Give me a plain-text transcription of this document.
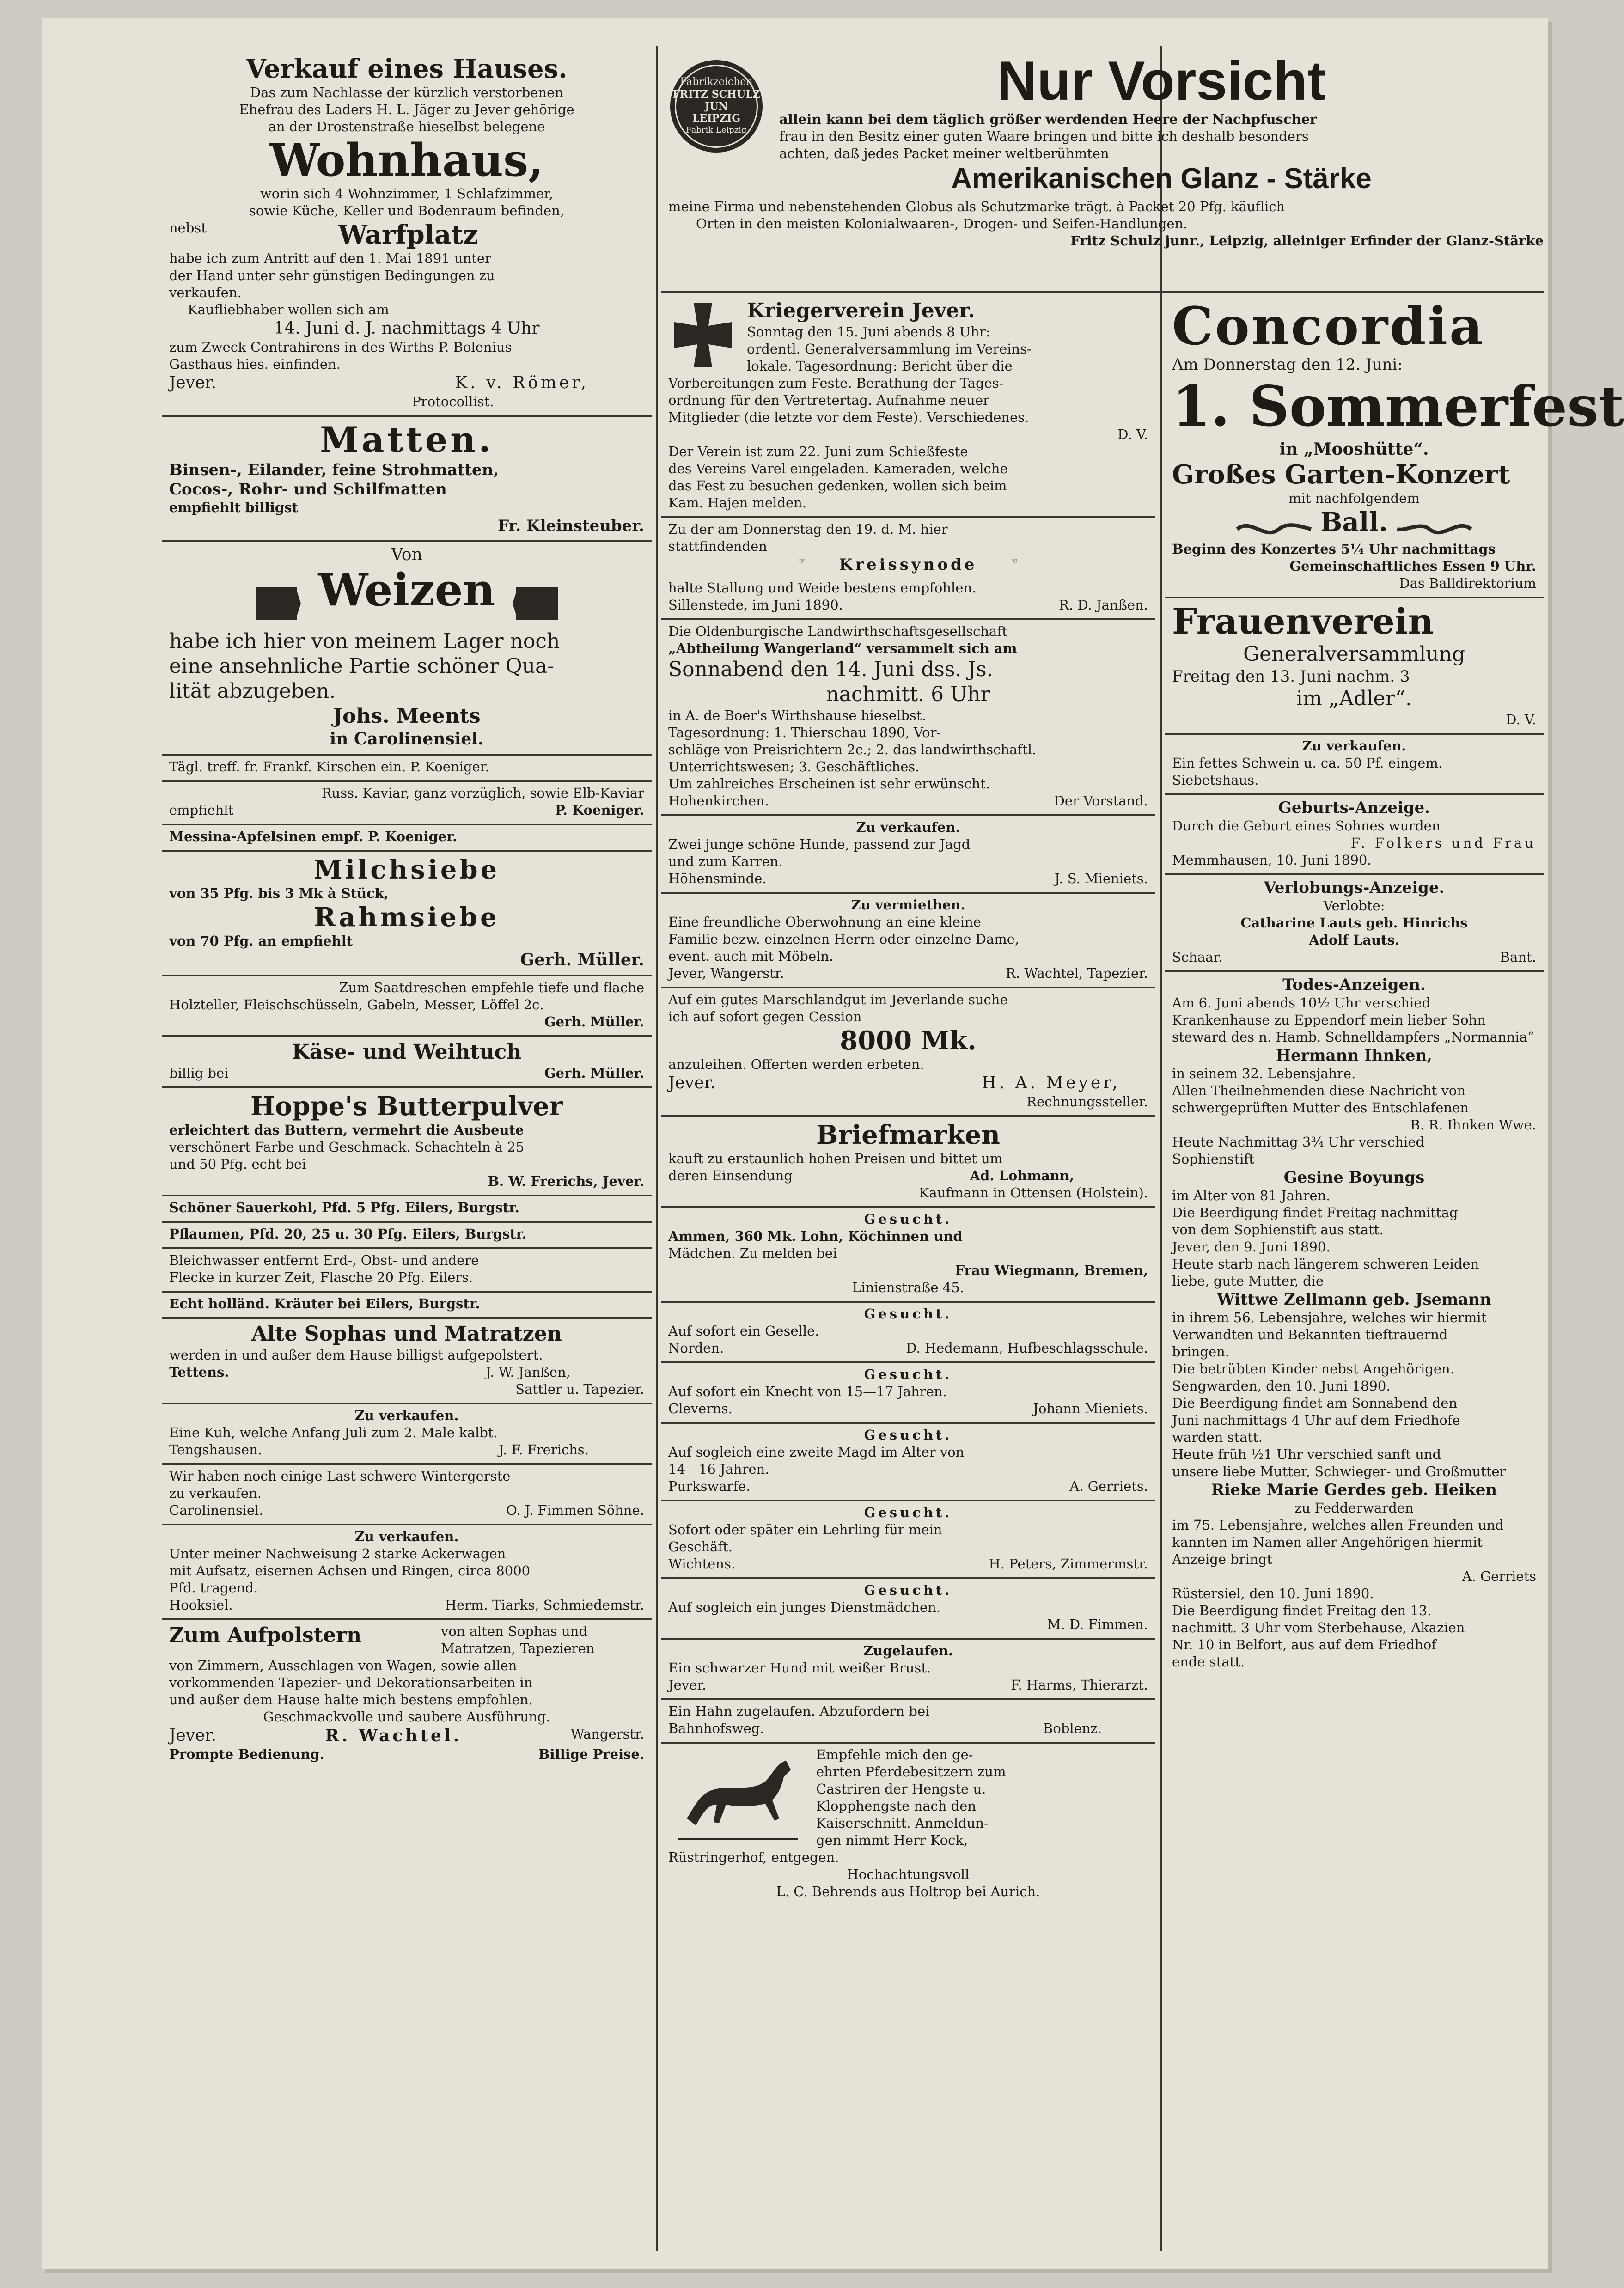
Verkauf eines Hauses.
Das zum Nachlasse der kürzlich verstorbenen
Ehefrau des Laders H. L. Jäger zu Jever gehörige
an der Drostenstraße hieselbst belegene
Wohnhaus,
worin sich 4 Wohnzimmer, 1 Schlafzimmer,
sowie Küche, Keller und Bodenraum befinden,
nebst	Warfplatz
habe ich zum Antritt auf den 1. Mai 1891 unter
der Hand unter sehr günstigen Bedingungen zu
verkaufen.
Kaufliebhaber wollen sich am
14. Juni d. J. nachmittags 4 Uhr
zum Zweck Contrahirens in des Wirths P. Bolenius
Gasthaus hies. einfinden.
Jever.	K. v. Römer,
Protocollist.
Matten.
Binsen-, Eilander, feine Strohmatten,
Cocos-, Rohr- und Schilfmatten
empfiehlt billigst
Fr. Kleinsteuber.
Von
Weizen
habe ich hier von meinem Lager noch
eine ansehnliche Partie schöner Qua-
lität abzugeben.
Johs. Meents
in Carolinensiel.
Tägl. treff. fr. Frankf. Kirschen ein. P. Koeniger.
Russ. Kaviar, ganz vorzüglich, sowie Elb-Kaviar
empfiehlt	P. Koeniger.
Messina-Apfelsinen empf. P. Koeniger.
Milchsiebe
von 35 Pfg. bis 3 Mk à Stück,
Rahmsiebe
von 70 Pfg. an empfiehlt
Gerh. Müller.
Zum Saatdreschen empfehle tiefe und flache
Holzteller, Fleischschüsseln, Gabeln, Messer, Löffel 2c.
Gerh. Müller.
Käse- und Weihtuch
billig bei	Gerh. Müller.
Hoppe's Butterpulver
erleichtert das Buttern, vermehrt die Ausbeute
verschönert Farbe und Geschmack. Schachteln à 25
und 50 Pfg. echt bei
B. W. Frerichs, Jever.
Schöner Sauerkohl, Pfd. 5 Pfg. Eilers, Burgstr.
Pflaumen, Pfd. 20, 25 u. 30 Pfg. Eilers, Burgstr.
Bleichwasser entfernt Erd-, Obst- und andere
Flecke in kurzer Zeit, Flasche 20 Pfg. Eilers.
Echt holländ. Kräuter bei Eilers, Burgstr.
Alte Sophas und Matratzen
werden in und außer dem Hause billigst aufgepolstert.
Tettens.	J. W. Janßen,
Sattler u. Tapezier.
Zu verkaufen.
Eine Kuh, welche Anfang Juli zum 2. Male kalbt.
Tengshausen.	J. F. Frerichs.
Wir haben noch einige Last schwere Wintergerste
zu verkaufen.
Carolinensiel.	O. J. Fimmen Söhne.
Zu verkaufen.
Unter meiner Nachweisung 2 starke Ackerwagen
mit Aufsatz, eisernen Achsen und Ringen, circa 8000
Pfd. tragend.
Hooksiel.	Herm. Tiarks, Schmiedemstr.
Zum Aufpolstern	von alten Sophas und Matratzen, Tapezieren
von Zimmern, Ausschlagen von Wagen, sowie allen
vorkommenden Tapezier- und Dekorationsarbeiten in
und außer dem Hause halte mich bestens empfohlen.
Geschmackvolle und saubere Ausführung.
Jever.	R. Wachtel.	Wangerstr.
Prompte Bedienung.	Billige Preise.
Fabrikzeichen
FRITZ SCHULZ JUN
LEIPZIG
Fabrik Leipzig
Nur Vorsicht
allein kann bei dem täglich größer werdenden Heere der Nachpfuscher
frau in den Besitz einer guten Waare bringen und bitte ich deshalb besonders
achten, daß jedes Packet meiner weltberühmten
Amerikanischen Glanz - Stärke
meine Firma und nebenstehenden Globus als Schutzmarke trägt. à Packet 20 Pfg. käuflich
Orten in den meisten Kolonialwaaren-, Drogen- und Seifen-Handlungen.
Fritz Schulz junr., Leipzig, alleiniger Erfinder der Glanz-Stärke
Kriegerverein Jever.
Sonntag den 15. Juni abends 8 Uhr:
ordentl. Generalversammlung im Vereins-
lokale. Tagesordnung: Bericht über die
Vorbereitungen zum Feste. Berathung der Tages-
ordnung für den Vertretertag. Aufnahme neuer
Mitglieder (die letzte vor dem Feste). Verschiedenes.
D. V.
Der Verein ist zum 22. Juni zum Schießfeste
des Vereins Varel eingeladen. Kameraden, welche
das Fest zu besuchen gedenken, wollen sich beim
Kam. Hajen melden.
Zu der am Donnerstag den 19. d. M. hier
stattfindenden
☞ Kreissynode	☜
halte Stallung und Weide bestens empfohlen.
Sillenstede, im Juni 1890.	R. D. Janßen.
Die Oldenburgische Landwirthschaftsgesellschaft
„Abtheilung Wangerland“ versammelt sich am
Sonnabend den 14. Juni dss. Js.
nachmitt. 6 Uhr
in A. de Boer's Wirthshause hieselbst.
Tagesordnung: 1. Thierschau 1890, Vor-
schläge von Preisrichtern 2c.; 2. das landwirthschaftl.
Unterrichtswesen; 3. Geschäftliches.
Um zahlreiches Erscheinen ist sehr erwünscht.
Hohenkirchen.	Der Vorstand.
Zu verkaufen.
Zwei junge schöne Hunde, passend zur Jagd
und zum Karren.
Höhensminde.	J. S. Mieniets.
Zu vermiethen.
Eine freundliche Oberwohnung an eine kleine
Familie bezw. einzelnen Herrn oder einzelne Dame,
event. auch mit Möbeln.
Jever, Wangerstr.	R. Wachtel, Tapezier.
Auf ein gutes Marschlandgut im Jeverlande suche
ich auf sofort gegen Cession
8000 Mk.
anzuleihen. Offerten werden erbeten.
Jever.	H. A. Meyer,
Rechnungssteller.
Briefmarken
kauft zu erstaunlich hohen Preisen und bittet um
deren Einsendung	Ad. Lohmann,
Kaufmann in Ottensen (Holstein).
Gesucht.
Ammen, 360 Mk. Lohn, Köchinnen und
Mädchen. Zu melden bei
Frau Wiegmann, Bremen,
Linienstraße 45.
Gesucht.
Auf sofort ein Geselle.
Norden.	D. Hedemann, Hufbeschlagsschule.
Gesucht.
Auf sofort ein Knecht von 15—17 Jahren.
Cleverns.	Johann Mieniets.
Gesucht.
Auf sogleich eine zweite Magd im Alter von
14—16 Jahren.
Purkswarfe.	A. Gerriets.
Gesucht.
Sofort oder später ein Lehrling für mein
Geschäft.
Wichtens.	H. Peters, Zimmermstr.
Gesucht.
Auf sogleich ein junges Dienstmädchen.
M. D. Fimmen.
Zugelaufen.
Ein schwarzer Hund mit weißer Brust.
Jever.	F. Harms, Thierarzt.
Ein Hahn zugelaufen. Abzufordern bei
Bahnhofsweg.	Boblenz.
Empfehle mich den ge-
ehrten Pferdebesitzern zum
Castriren der Hengste u.
Klopphengste nach den
Kaiserschnitt. Anmeldun-
gen nimmt Herr Kock,
Rüstringerhof, entgegen.
Hochachtungsvoll
L. C. Behrends aus Holtrop bei Aurich.
Concordia
Am Donnerstag den 12. Juni:
1. Sommerfest
in „Mooshütte“.
Großes Garten-Konzert
mit nachfolgendem
Ball.
Beginn des Konzertes 5¼ Uhr nachmittags
Gemeinschaftliches Essen 9 Uhr.
Das Balldirektorium
Frauenverein
Generalversammlung
Freitag den 13. Juni nachm. 3
im „Adler“.
D. V.
Zu verkaufen.
Ein fettes Schwein u. ca. 50 Pf. eingem.
Siebetshaus.
Geburts-Anzeige.
Durch die Geburt eines Sohnes wurden
F. Folkers und Frau
Memmhausen, 10. Juni 1890.
Verlobungs-Anzeige.
Verlobte:
Catharine Lauts geb. Hinrichs
Adolf Lauts.
Schaar.	Bant.
Todes-Anzeigen.
Am 6. Juni abends 10½ Uhr verschied
Krankenhause zu Eppendorf mein lieber Sohn
steward des n. Hamb. Schnelldampfers „Normannia“
Hermann Ihnken,
in seinem 32. Lebensjahre.
Allen Theilnehmenden diese Nachricht von
schwergeprüften Mutter des Entschlafenen
B. R. Ihnken Wwe.
Heute Nachmittag 3¾ Uhr verschied
Sophienstift
Gesine Boyungs
im Alter von 81 Jahren.
Die Beerdigung findet Freitag nachmittag
von dem Sophienstift aus statt.
Jever, den 9. Juni 1890.
Heute starb nach längerem schweren Leiden
liebe, gute Mutter, die
Wittwe Zellmann geb. Jsemann
in ihrem 56. Lebensjahre, welches wir hiermit
Verwandten und Bekannten tieftrauernd
bringen.
Die betrübten Kinder nebst Angehörigen.
Sengwarden, den 10. Juni 1890.
Die Beerdigung findet am Sonnabend den
Juni nachmittags 4 Uhr auf dem Friedhofe
warden statt.
Heute früh ½1 Uhr verschied sanft und
unsere liebe Mutter, Schwieger- und Großmutter
Rieke Marie Gerdes geb. Heiken
zu Fedderwarden
im 75. Lebensjahre, welches allen Freunden und
kannten im Namen aller Angehörigen hiermit
Anzeige bringt
A. Gerriets
Rüstersiel, den 10. Juni 1890.
Die Beerdigung findet Freitag den 13.
nachmitt. 3 Uhr vom Sterbehause, Akazien
Nr. 10 in Belfort, aus auf dem Friedhof
ende statt.
